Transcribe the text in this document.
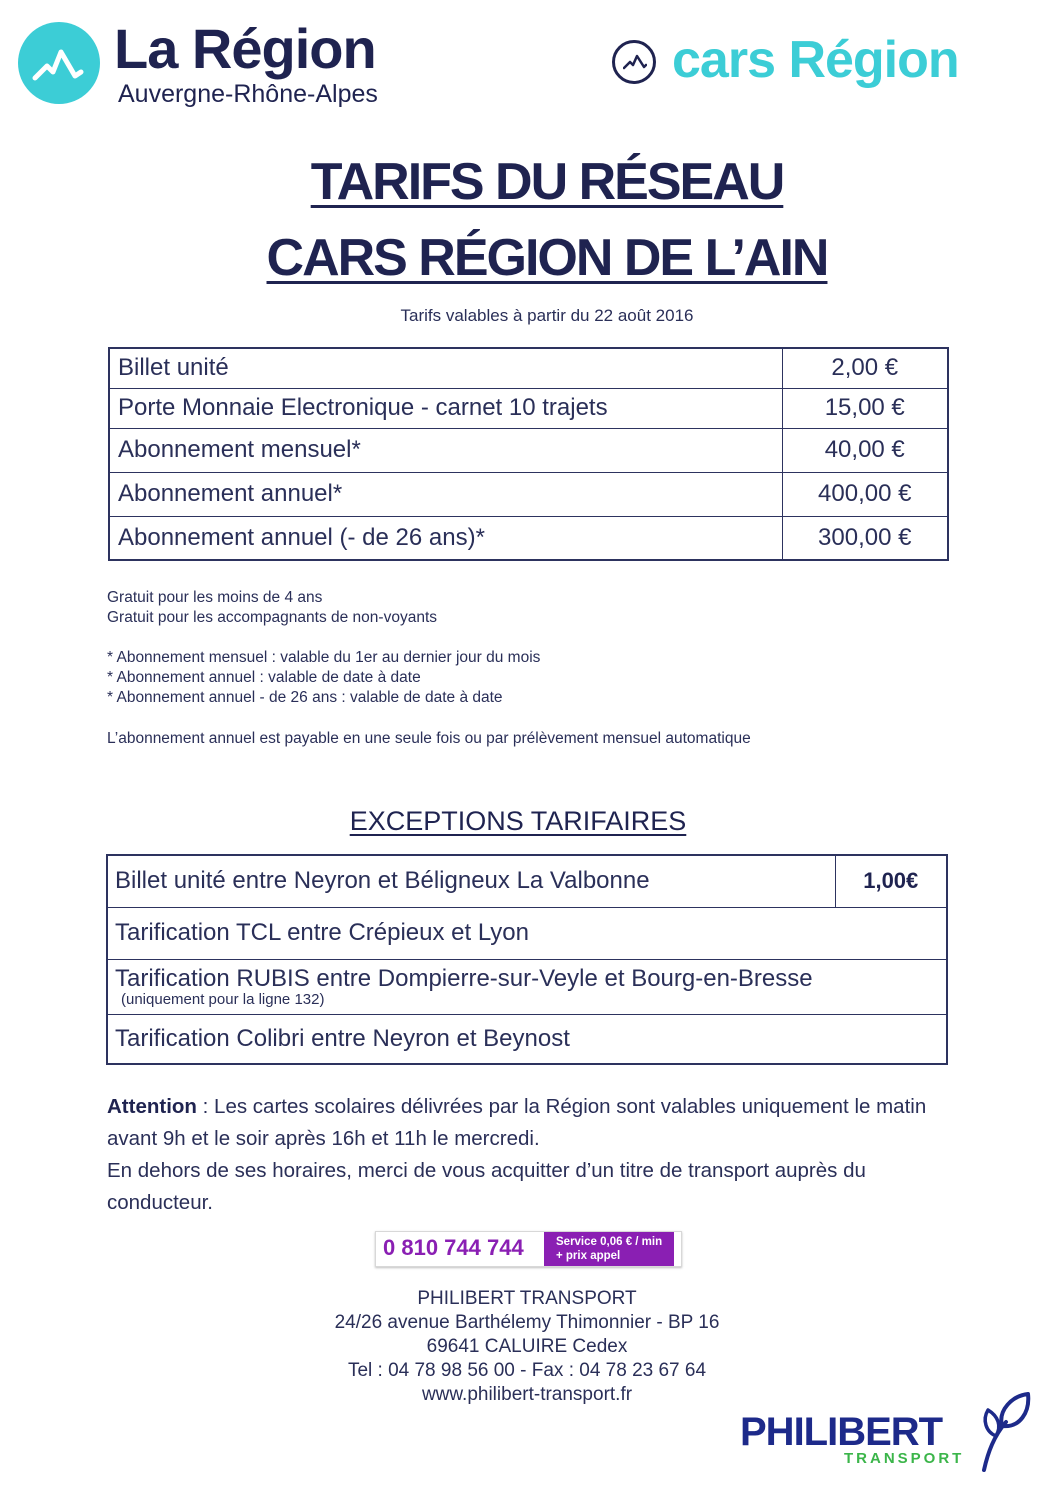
La Région
Auvergne-Rhône-Alpes
cars Région
TARIFS DU RÉSEAU
CARS RÉGION DE L’AIN
Tarifs valables à partir du 22 août 2016
Billet unité	2,00 €
Porte Monnaie Electronique - carnet 10 trajets	15,00 €
Abonnement mensuel*	40,00 €
Abonnement annuel*	400,00 €
Abonnement annuel (- de 26 ans)*	300,00 €
Gratuit pour les moins de 4 ans
Gratuit pour les accompagnants de non-voyants
* Abonnement mensuel : valable du 1er au dernier jour du mois
* Abonnement annuel : valable de date à date
* Abonnement annuel - de 26 ans : valable de date à date
L’abonnement annuel est payable en une seule fois ou par prélèvement mensuel automatique
EXCEPTIONS TARIFAIRES
Billet unité entre Neyron et Béligneux La Valbonne	1,00€
Tarification TCL entre Crépieux et Lyon
Tarification RUBIS entre Dompierre-sur-Veyle et Bourg-en-Bresse
(uniquement pour la ligne 132)

Tarification Colibri entre Neyron et Beynost
Attention : Les cartes scolaires délivrées par la Région sont valables uniquement le matin avant 9h et le soir après 16h et 11h le mercredi.
En dehors de ses horaires, merci de vous acquitter d’un titre de transport auprès du conducteur.
0 810 744 744	Service 0,06 € / min
+ prix appel
PHILIBERT TRANSPORT
24/26 avenue Barthélemy Thimonnier - BP 16
69641 CALUIRE Cedex
Tel : 04 78 98 56 00 - Fax : 04 78 23 67 64
www.philibert-transport.fr
PHILIBERT
TRANSPORT
